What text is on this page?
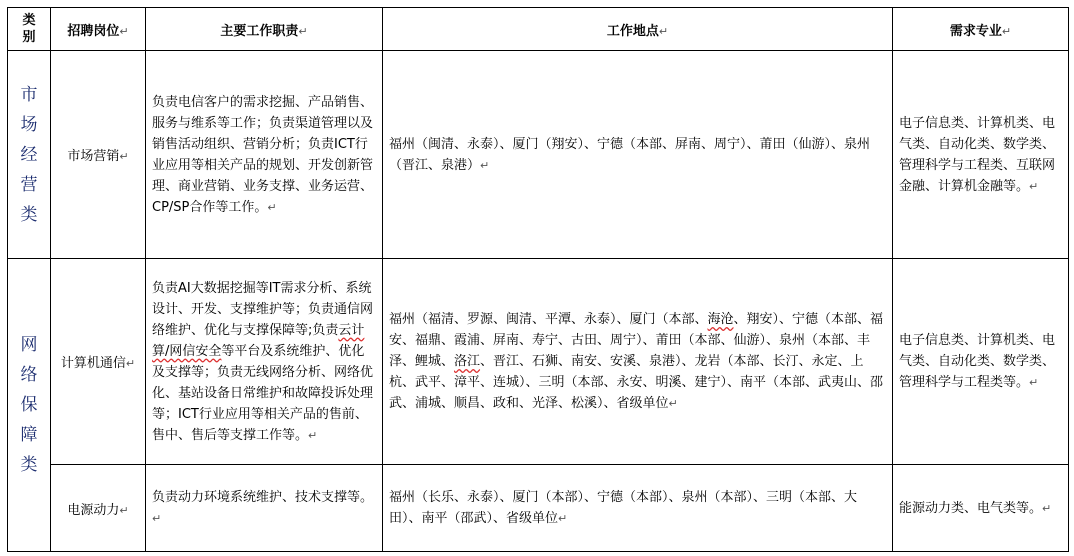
类
别	招聘岗位↵	主要工作职责↵	工作地点↵	需求专业↵

市
场
经
营
类	市场营销↵	负责电信客户的需求挖掘、产品销售、服务与维系等工作；负责渠道管理以及销售活动组织、营销分析；负责ICT行业应用等相关产品的规划、开发创新管理、商业营销、业务支撑、业务运营、CP/SP合作等工作。↵	福州（闽清、永泰）、厦门（翔安）、宁德（本部、屏南、周宁）、莆田（仙游）、泉州（晋江、泉港）↵	电子信息类、计算机类、电气类、自动化类、数学类、管理科学与工程类、互联网金融、计算机金融等。↵

网
络
保
障
类	计算机通信↵	负责AI大数据挖掘等IT需求分析、系统设计、开发、支撑维护等；负责通信网络维护、优化与支撑保障等;负责云计算/网信安全等平台及系统维护、优化及支撑等；负责无线网络分析、网络优化、基站设备日常维护和故障投诉处理等；ICT行业应用等相关产品的售前、售中、售后等支撑工作等。↵	福州（福清、罗源、闽清、平潭、永泰）、厦门（本部、海沧、翔安）、宁德（本部、福安、福鼎、霞浦、屏南、寿宁、古田、周宁）、莆田（本部、仙游）、泉州（本部、丰泽、鲤城、洛江、晋江、石狮、南安、安溪、泉港）、龙岩（本部、长汀、永定、上杭、武平、漳平、连城）、三明（本部、永安、明溪、建宁）、南平（本部、武夷山、邵武、浦城、顺昌、政和、光泽、松溪）、省级单位↵	电子信息类、计算机类、电气类、自动化类、数学类、管理科学与工程类等。↵

	电源动力↵	负责动力环境系统维护、技术支撑等。↵	福州（长乐、永泰）、厦门（本部）、宁德（本部）、泉州（本部）、三明（本部、大田）、南平（邵武）、省级单位↵	能源动力类、电气类等。↵
